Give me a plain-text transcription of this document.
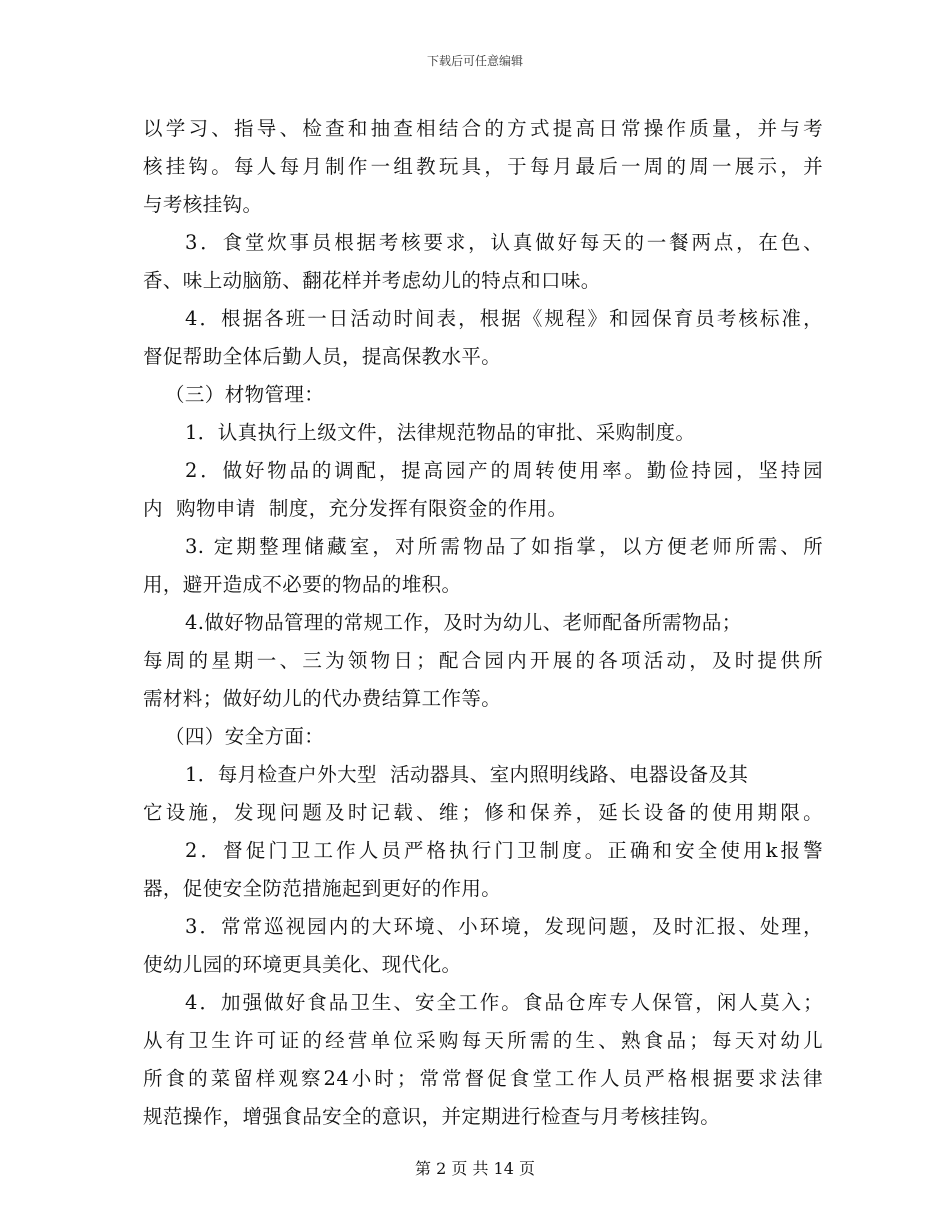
下载后可任意编辑
以学习、指导、检查和抽查相结合的方式提高日常操作质量，并与考
核挂钩。每人每月制作一组教玩具，于每月最后一周的周一展示，并
与考核挂钩。
3．食堂炊事员根据考核要求，认真做好每天的一餐两点，在色、
香、味上动脑筋、翻花样并考虑幼儿的特点和口味。
4．根据各班一日活动时间表，根据《规程》和园保育员考核标准，
督促帮助全体后勤人员，提高保教水平。
（三）材物管理：
1．认真执行上级文件，法律规范物品的审批、采购制度。
2．做好物品的调配，提高园产的周转使用率。勤俭持园，坚持园
内  购物申请  制度，充分发挥有限资金的作用。
3. 定期整理储藏室，对所需物品了如指掌，以方便老师所需、所
用，避开造成不必要的物品的堆积。
4.做好物品管理的常规工作，及时为幼儿、老师配备所需物品；
每周的星期一、三为领物日；配合园内开展的各项活动，及时提供所
需材料；做好幼儿的代办费结算工作等。
（四）安全方面：
1．每月检查户外大型  活动器具、室内照明线路、电器设备及其
它设施，发现问题及时记载、维；修和保养，延长设备的使用期限。
2．督促门卫工作人员严格执行门卫制度。正确和安全使用k报警
器，促使安全防范措施起到更好的作用。
3．常常巡视园内的大环境、小环境，发现问题，及时汇报、处理，
使幼儿园的环境更具美化、现代化。
4．加强做好食品卫生、安全工作。食品仓库专人保管，闲人莫入；
从有卫生许可证的经营单位采购每天所需的生、熟食品；每天对幼儿
所食的菜留样观察24小时；常常督促食堂工作人员严格根据要求法律
规范操作，增强食品安全的意识，并定期进行检查与月考核挂钩。
第 2 页 共 14 页
